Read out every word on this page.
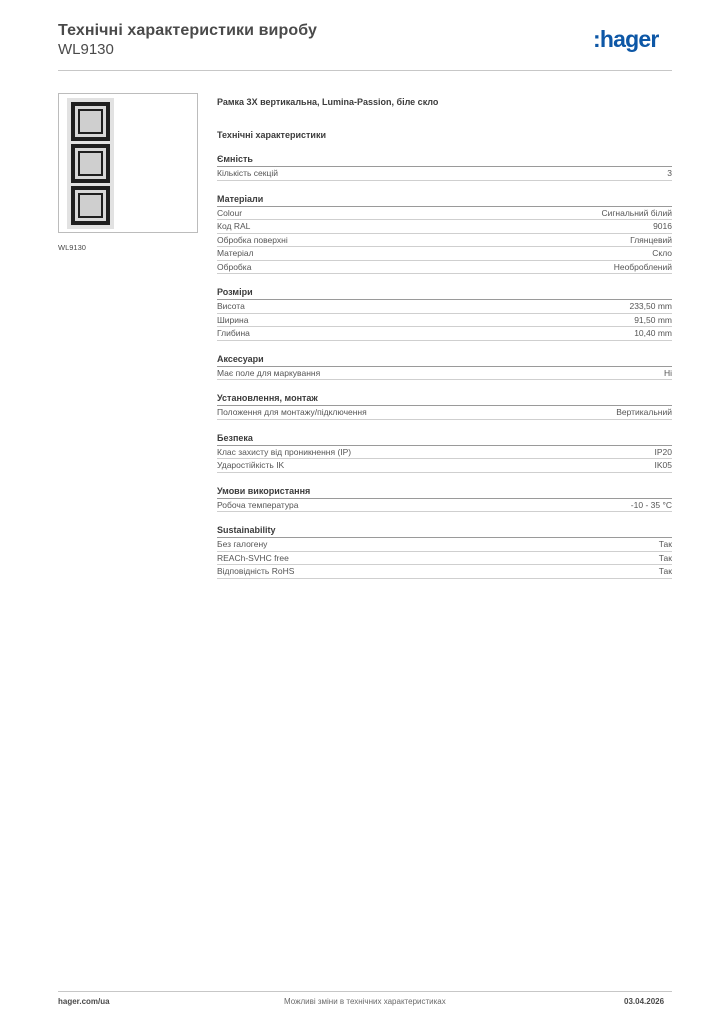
Технічні характеристики виробу
WL9130	:hager
WL9130
Рамка 3X вертикальна, Lumina-Passion, біле скло
Технічні характеристики
Ємність
Кількість секцій	3
Матеріали
Colour	Сигнальний білий
Код RAL	9016
Обробка поверхні	Глянцевий
Матеріал	Скло
Обробка	Необроблений
Розміри
Висота	233,50 mm
Ширина	91,50 mm
Глибина	10,40 mm
Аксесуари
Має поле для маркування	Ні
Установлення, монтаж
Положення для монтажу/підключення	Вертикальний
Безпека
Клас захисту від проникнення (IP)	IP20
Ударостійкість IK	IK05
Умови використання
Робоча температура	-10 - 35 °C
Sustainability
Без галогену	Так
REACh-SVHC free	Так
Відповідність RoHS	Так
hager.com/ua	Можливі зміни в технічних характеристиках	03.04.2026
